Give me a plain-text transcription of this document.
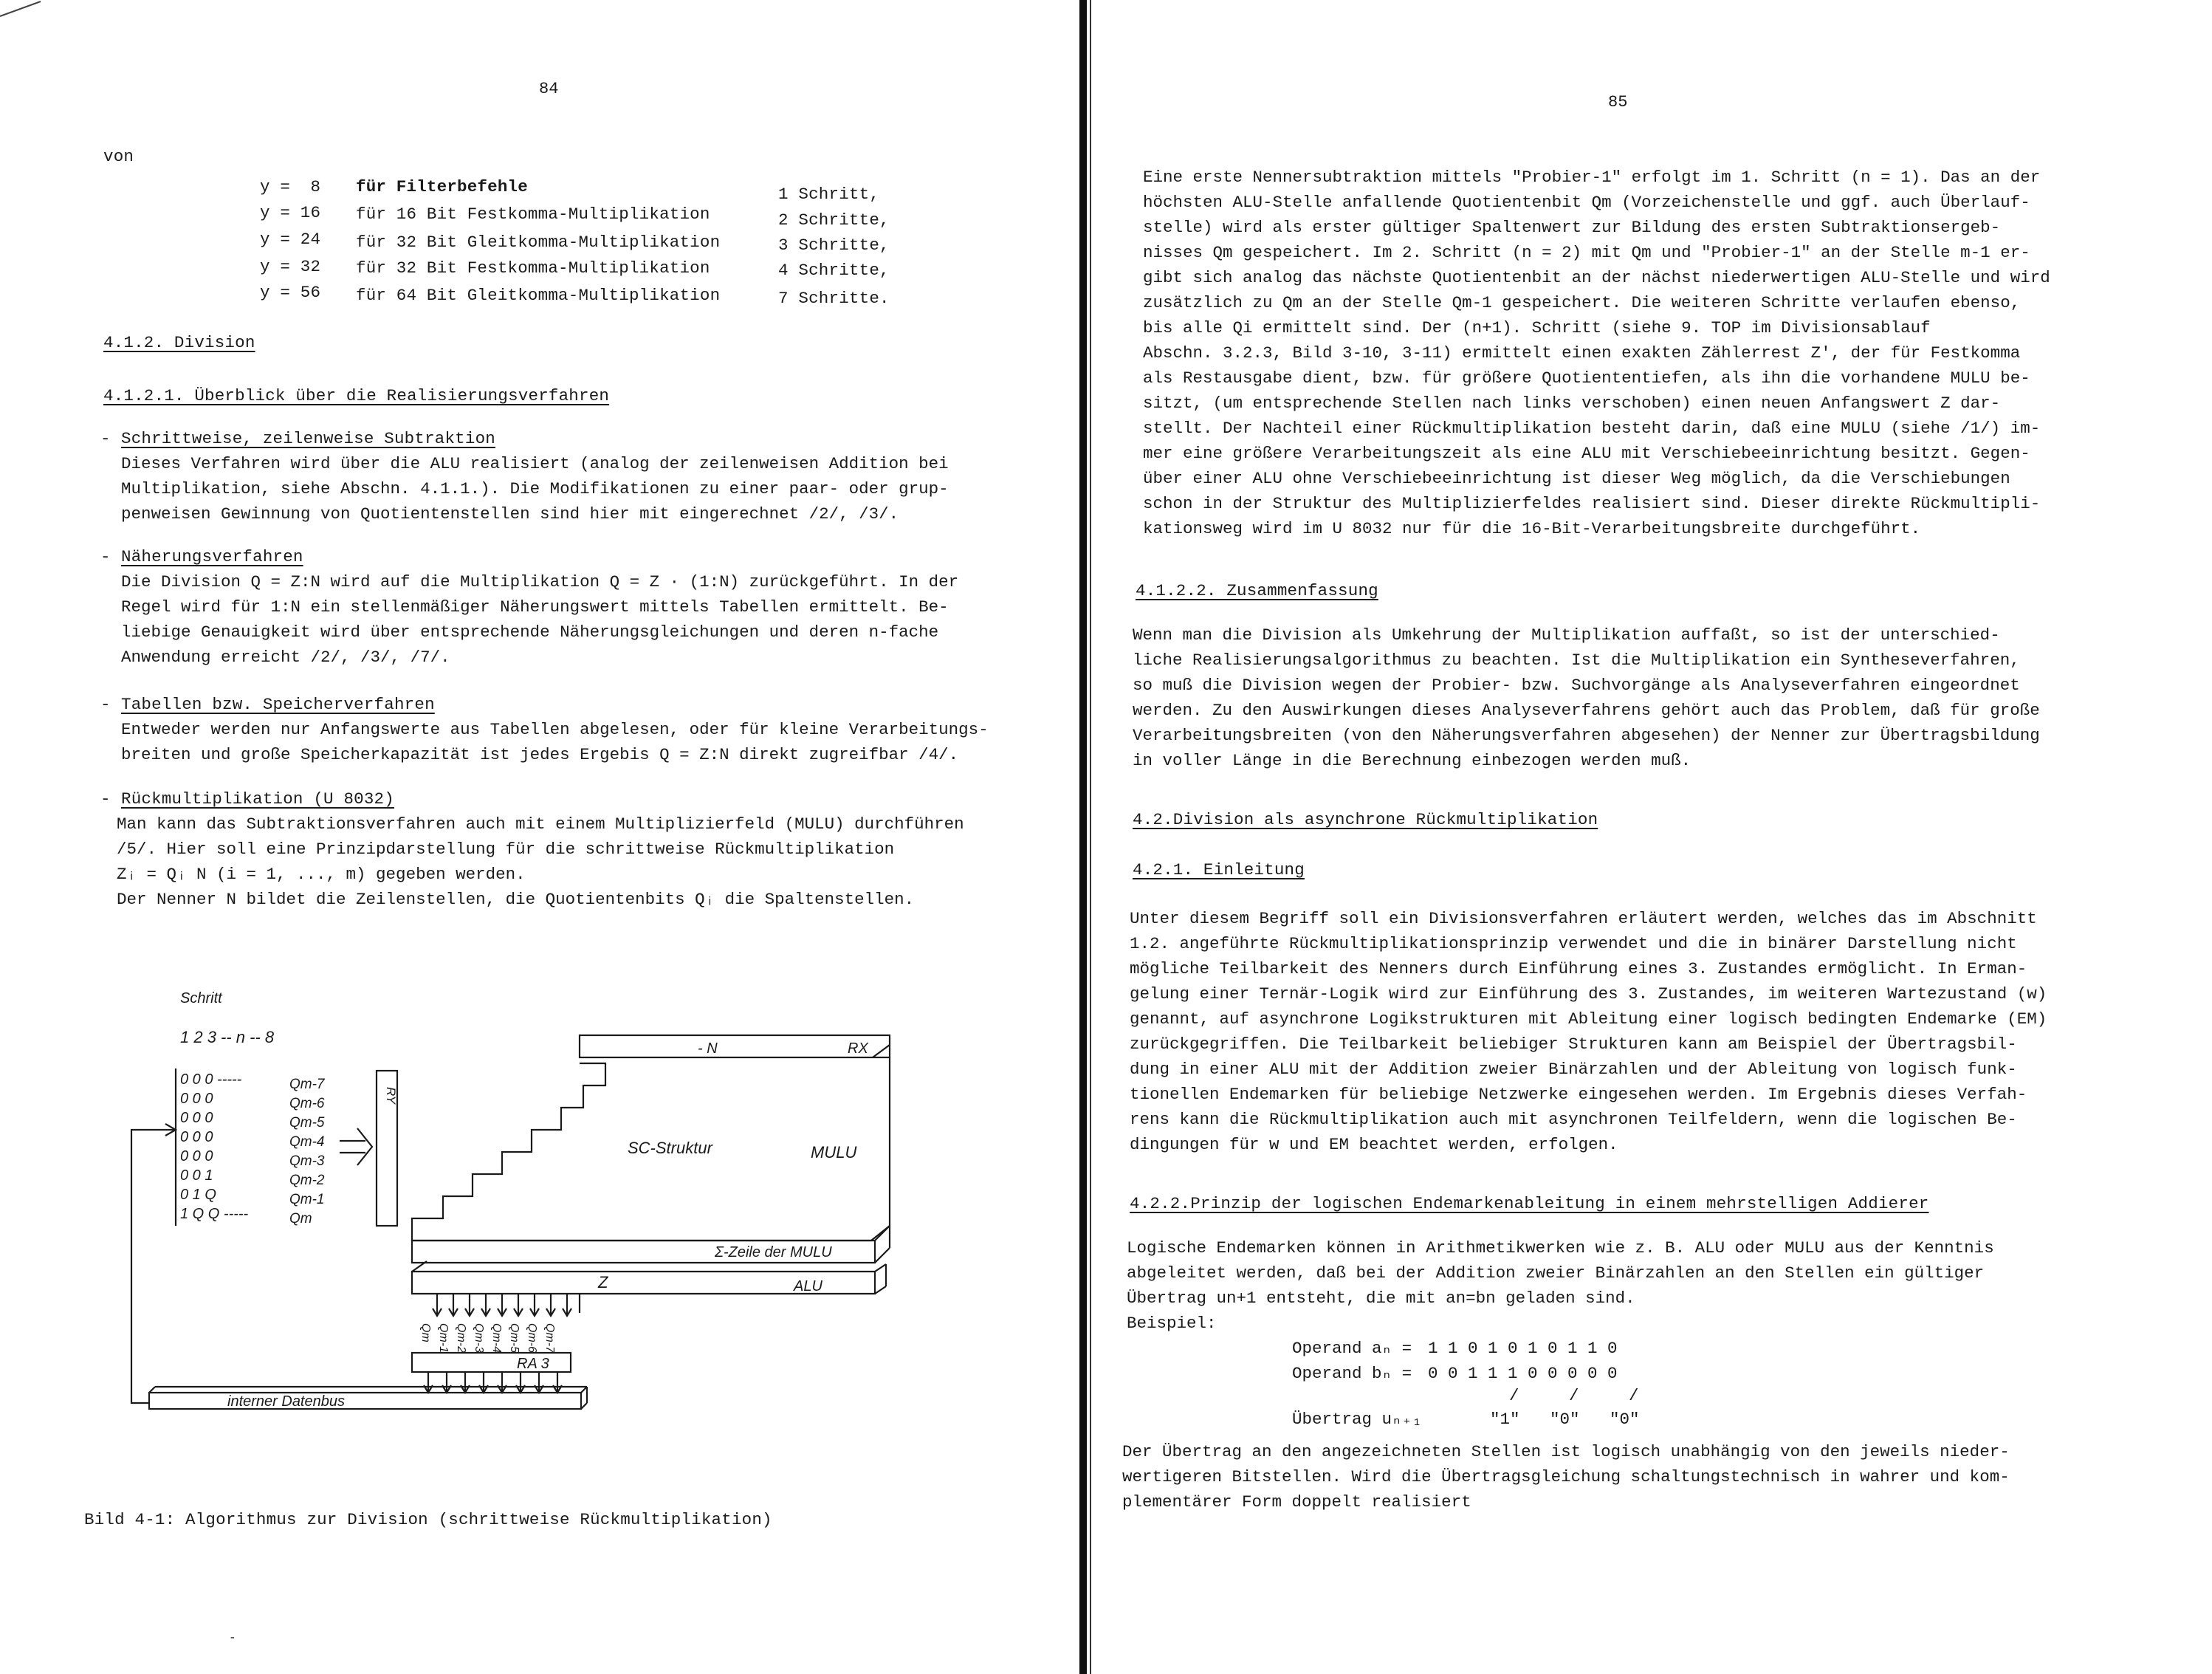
84
von
y =  8 für Filterbefehle	1 Schritt,
y = 16 für 16 Bit Festkomma-Multiplikation	2 Schritte,
y = 24 für 32 Bit Gleitkomma-Multiplikation	3 Schritte,
y = 32 für 32 Bit Festkomma-Multiplikation	4 Schritte,
y = 56 für 64 Bit Gleitkomma-Multiplikation	7 Schritte.
4.1.2. Division
4.1.2.1. Überblick über die Realisierungsverfahren
- Schrittweise, zeilenweise Subtraktion
Dieses Verfahren wird über die ALU realisiert (analog der zeilenweisen Addition bei
Multiplikation, siehe Abschn. 4.1.1.). Die Modifikationen zu einer paar- oder grup-
penweisen Gewinnung von Quotientenstellen sind hier mit eingerechnet /2/, /3/.
- Näherungsverfahren
Die Division Q = Z:N wird auf die Multiplikation Q = Z · (1:N) zurückgeführt. In der
Regel wird für 1:N ein stellenmäßiger Näherungswert mittels Tabellen ermittelt. Be-
liebige Genauigkeit wird über entsprechende Näherungsgleichungen und deren n-fache
Anwendung erreicht /2/, /3/, /7/.
- Tabellen bzw. Speicherverfahren
Entweder werden nur Anfangswerte aus Tabellen abgelesen, oder für kleine Verarbeitungs-
breiten und große Speicherkapazität ist jedes Ergebis Q = Z:N direkt zugreifbar /4/.
- Rückmultiplikation (U 8032)
Man kann das Subtraktionsverfahren auch mit einem Multiplizierfeld (MULU) durchführen
/5/. Hier soll eine Prinzipdarstellung für die schrittweise Rückmultiplikation
Zᵢ = Qᵢ N (i = 1, ..., m) gegeben werden.
Der Nenner N bildet die Zeilenstellen, die Quotientenbits Qᵢ die Spaltenstellen.
Schritt
1 2 3 -- n -- 8
0 0 0 -----	Qm-7
0 0 0	Qm-6
0 0 0	Qm-5
0 0 0	Qm-4
0 0 0	Qm-3
0 0 1	Qm-2
0 1 Q	Qm-1
1 Q Q -----	Qm
RY
- N	RX
SC-Struktur	MULU
Σ-Zeile der MULU
Z	ALU
Qm Qm-1 Qm-2 Qm-3 Qm-4 Qm-5 Qm-6 Qm-7
RA 3
interner Datenbus
Bild 4-1: Algorithmus zur Division (schrittweise Rückmultiplikation)
-
85
Eine erste Nennersubtraktion mittels "Probier-1" erfolgt im 1. Schritt (n = 1). Das an der
höchsten ALU-Stelle anfallende Quotientenbit Qm (Vorzeichenstelle und ggf. auch Überlauf-
stelle) wird als erster gültiger Spaltenwert zur Bildung des ersten Subtraktionsergeb-
nisses Qm gespeichert. Im 2. Schritt (n = 2) mit Qm und "Probier-1" an der Stelle m-1 er-
gibt sich analog das nächste Quotientenbit an der nächst niederwertigen ALU-Stelle und wird
zusätzlich zu Qm an der Stelle Qm-1 gespeichert. Die weiteren Schritte verlaufen ebenso,
bis alle Qi ermittelt sind. Der (n+1). Schritt (siehe 9. TOP im Divisionsablauf
Abschn. 3.2.3, Bild 3-10, 3-11) ermittelt einen exakten Zählerrest Z', der für Festkomma
als Restausgabe dient, bzw. für größere Quotiententiefen, als ihn die vorhandene MULU be-
sitzt, (um entsprechende Stellen nach links verschoben) einen neuen Anfangswert Z dar-
stellt. Der Nachteil einer Rückmultiplikation besteht darin, daß eine MULU (siehe /1/) im-
mer eine größere Verarbeitungszeit als eine ALU mit Verschiebeeinrichtung besitzt. Gegen-
über einer ALU ohne Verschiebeeinrichtung ist dieser Weg möglich, da die Verschiebungen
schon in der Struktur des Multiplizierfeldes realisiert sind. Dieser direkte Rückmultipli-
kationsweg wird im U 8032 nur für die 16-Bit-Verarbeitungsbreite durchgeführt.
4.1.2.2. Zusammenfassung
Wenn man die Division als Umkehrung der Multiplikation auffaßt, so ist der unterschied-
liche Realisierungsalgorithmus zu beachten. Ist die Multiplikation ein Syntheseverfahren,
so muß die Division wegen der Probier- bzw. Suchvorgänge als Analyseverfahren eingeordnet
werden. Zu den Auswirkungen dieses Analyseverfahrens gehört auch das Problem, daß für große
Verarbeitungsbreiten (von den Näherungsverfahren abgesehen) der Nenner zur Übertragsbildung
in voller Länge in die Berechnung einbezogen werden muß.
4.2.Division als asynchrone Rückmultiplikation
4.2.1. Einleitung
Unter diesem Begriff soll ein Divisionsverfahren erläutert werden, welches das im Abschnitt
1.2. angeführte Rückmultiplikationsprinzip verwendet und die in binärer Darstellung nicht
mögliche Teilbarkeit des Nenners durch Einführung eines 3. Zustandes ermöglicht. In Erman-
gelung einer Ternär-Logik wird zur Einführung des 3. Zustandes, im weiteren Wartezustand (w)
genannt, auf asynchrone Logikstrukturen mit Ableitung einer logisch bedingten Endemarke (EM)
zurückgegriffen. Die Teilbarkeit beliebiger Strukturen kann am Beispiel der Übertragsbil-
dung in einer ALU mit der Addition zweier Binärzahlen und der Ableitung von logisch funk-
tionellen Endemarken für beliebige Netzwerke eingesehen werden. Im Ergebnis dieses Verfah-
rens kann die Rückmultiplikation auch mit asynchronen Teilfeldern, wenn die logischen Be-
dingungen für w und EM beachtet werden, erfolgen.
4.2.2.Prinzip der logischen Endemarkenableitung in einem mehrstelligen Addierer
Logische Endemarken können in Arithmetikwerken wie z. B. ALU oder MULU aus der Kenntnis
abgeleitet werden, daß bei der Addition zweier Binärzahlen an den Stellen ein gültiger
Übertrag un+1 entsteht, die mit an=bn geladen sind.
Beispiel:
Operand aₙ = 1 1 0 1 0 1 0 1 1 0
Operand bₙ = 0 0 1 1 1 0 0 0 0 0
/     /     /
Übertrag uₙ₊₁	"1"   "0"   "0"
Der Übertrag an den angezeichneten Stellen ist logisch unabhängig von den jeweils nieder-
wertigeren Bitstellen. Wird die Übertragsgleichung schaltungstechnisch in wahrer und kom-
plementärer Form doppelt realisiert
